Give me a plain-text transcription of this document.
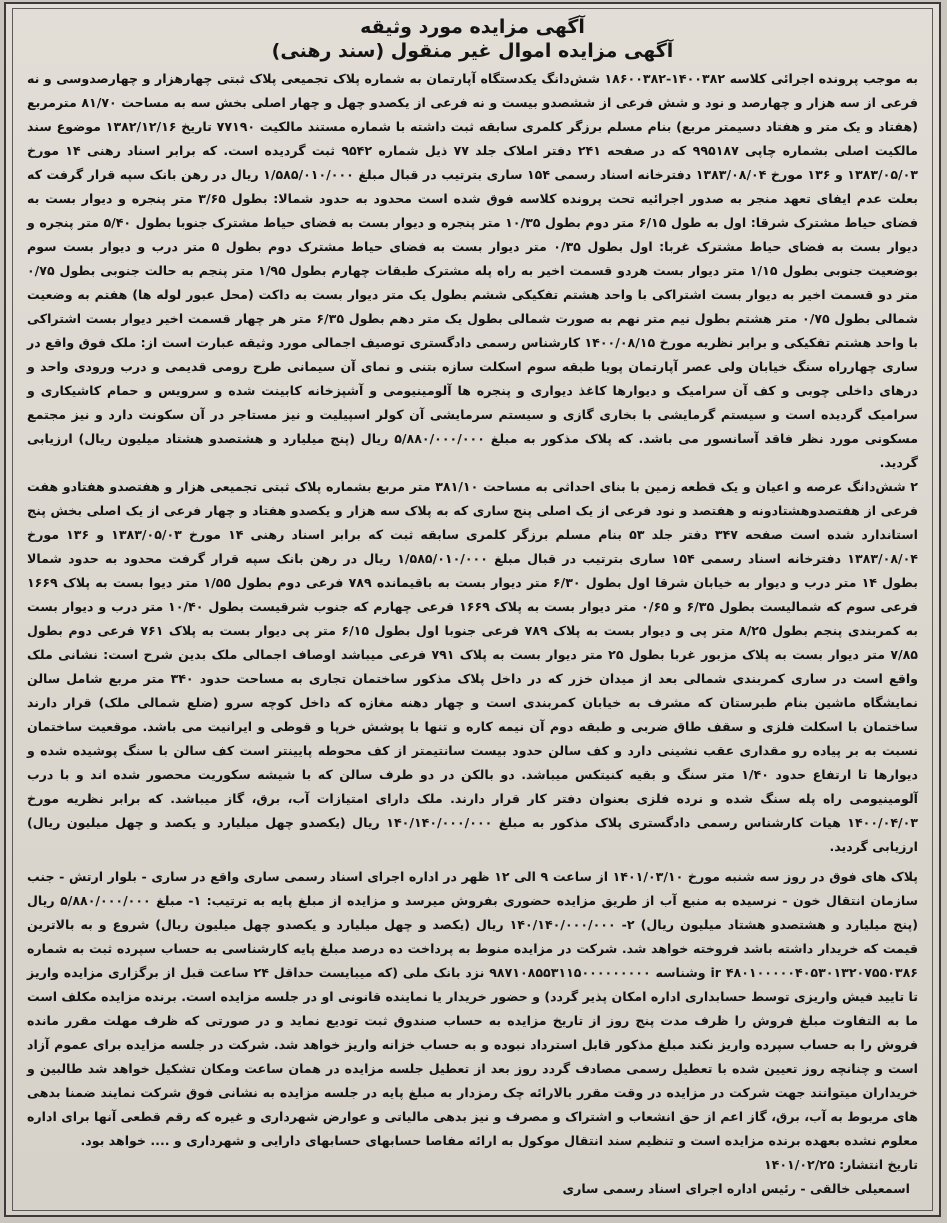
آگهی مزایده مورد وثیقه
آگهی مزایده اموال غیر منقول (سند رهنی)

به موجب پرونده اجرائی کلاسه ۱۴۰۰۳۸۲-۱۸۶۰۰۳۸۲ شش‌دانگ یکدستگاه آپارتمان به شماره پلاک تجمیعی پلاک ثبتی چهارهزار و چهارصدوسی و نه فرعی از سه هزار و چهارصد و نود و شش فرعی از ششصدو بیست و نه فرعی از یکصدو چهل و چهار اصلی بخش سه به مساحت ۸۱/۷۰ مترمربع (هفتاد و یک متر و هفتاد دسیمتر مربع) بنام مسلم برزگر کلمری سابقه ثبت داشته با شماره مستند مالکیت ۷۷۱۹۰ تاریخ ۱۳۸۲/۱۲/۱۶ موضوع سند مالکیت اصلی بشماره چاپی ۹۹۵۱۸۷ که در صفحه ۲۴۱ دفتر املاک جلد ۷۷ ذیل شماره ۹۵۴۲ ثبت گردیده است. که برابر اسناد رهنی ۱۴ مورخ ۱۳۸۳/۰۵/۰۳ و ۱۳۶ مورخ ۱۳۸۳/۰۸/۰۴ دفترخانه اسناد رسمی ۱۵۴ ساری بترتیب در قبال مبلغ ۱/۵۸۵/۰۱۰/۰۰۰ ریال در رهن بانک سپه قرار گرفت که بعلت عدم ایفای تعهد منجر به صدور اجرائیه تحت پرونده کلاسه فوق شده است محدود به حدود شمالا: بطول ۳/۶۵ متر پنجره و دیوار بست به فضای حیاط مشترک شرقا: اول به طول ۶/۱۵ متر دوم بطول ۱۰/۳۵ متر پنجره و دیوار بست به فضای حیاط مشترک جنوبا بطول ۵/۴۰ متر پنجره و دیوار بست به فضای حیاط مشترک غربا: اول بطول ۰/۳۵ متر دیوار بست به فضای حیاط مشترک دوم بطول ۵ متر درب و دیوار بست سوم بوضعیت جنوبی بطول ۱/۱۵ متر دیوار بست هردو قسمت اخیر به راه پله مشترک طبقات چهارم بطول ۱/۹۵ متر پنجم به حالت جنوبی بطول ۰/۷۵ متر دو قسمت اخیر به دیوار بست اشتراکی با واحد هشتم تفکیکی ششم بطول یک متر دیوار بست به داکت (محل عبور لوله ها) هفتم به وضعیت شمالی بطول ۰/۷۵ متر هشتم بطول نیم متر نهم به صورت شمالی بطول یک متر دهم بطول ۶/۳۵ متر هر چهار قسمت اخیر دیوار بست اشتراکی با واحد هشتم تفکیکی و برابر نظریه مورخ ۱۴۰۰/۰۸/۱۵ کارشناس رسمی دادگستری توصیف اجمالی مورد وثیقه عبارت است از: ملک فوق واقع در ساری چهارراه سنگ خیابان ولی عصر آپارتمان پویا طبقه سوم اسکلت سازه بتنی و نمای آن سیمانی طرح رومی قدیمی و درب ورودی واحد و درهای داخلی چوبی و کف آن سرامیک و دیوارها کاغذ دیواری و پنجره ها آلومینیومی و آشپزخانه کابینت شده و سرویس و حمام کاشیکاری و سرامیک گردیده است و سیستم گرمایشی با بخاری گازی و سیستم سرمایشی آن کولر اسپیلیت و نیز مستاجر در آن سکونت دارد و نیز مجتمع مسکونی مورد نظر فاقد آسانسور می باشد. که پلاک مذکور به مبلغ ۵/۸۸۰/۰۰۰/۰۰۰ ریال (پنج میلیارد و هشتصدو هشتاد میلیون ریال) ارزیابی گردید.

۲ شش‌دانگ عرصه و اعیان و یک قطعه زمین با بنای احداثی به مساحت ۳۸۱/۱۰ متر مربع بشماره پلاک ثبتی تجمیعی هزار و هفتصدو هفتادو هفت فرعی از هفتصدوهشتادونه و هفتصد و نود فرعی از یک اصلی پنج ساری که به پلاک سه هزار و یکصدو هفتاد و چهار فرعی از یک اصلی بخش پنج استاندارد شده است صفحه ۳۴۷ دفتر جلد ۵۳ بنام مسلم برزگر کلمری سابقه ثبت که برابر اسناد رهنی ۱۴ مورخ ۱۳۸۳/۰۵/۰۳ و ۱۳۶ مورخ ۱۳۸۳/۰۸/۰۴ دفترخانه اسناد رسمی ۱۵۴ ساری بترتیب در قبال مبلغ ۱/۵۸۵/۰۱۰/۰۰۰ ریال در رهن بانک سپه قرار گرفت محدود به حدود شمالا بطول ۱۴ متر درب و دیوار به خیابان شرقا اول بطول ۶/۳۰ متر دیوار بست به باقیمانده ۷۸۹ فرعی دوم بطول ۱/۵۵ متر دیوا بست به پلاک ۱۶۶۹ فرعی سوم که شمالیست بطول ۶/۳۵ و ۰/۶۵ متر دیوار بست به پلاک ۱۶۶۹ فرعی چهارم که جنوب شرقیست بطول ۱۰/۴۰ متر درب و دیوار بست به کمربندی پنجم بطول ۸/۲۵ متر پی و دیوار بست به پلاک ۷۸۹ فرعی جنوبا اول بطول ۶/۱۵ متر پی دیوار بست به پلاک ۷۶۱ فرعی دوم بطول ۷/۸۵ متر دیوار بست به پلاک مزبور غربا بطول ۲۵ متر دیوار بست به پلاک ۷۹۱ فرعی میباشد اوصاف اجمالی ملک بدین شرح است: نشانی ملک واقع است در ساری کمربندی شمالی بعد از میدان خزر که در داخل پلاک مذکور ساختمان تجاری به مساحت حدود ۳۴۰ متر مربع شامل سالن نمایشگاه ماشین بنام طبرستان که مشرف به خیابان کمربندی است و چهار دهنه مغازه که داخل کوچه سرو (ضلع شمالی ملک) قرار دارند ساختمان با اسکلت فلزی و سقف طاق ضربی و طبقه دوم آن نیمه کاره و تنها با پوشش خرپا و قوطی و ایرانیت می باشد. موقعیت ساختمان نسبت به بر پیاده رو مقداری عقب نشینی دارد و کف سالن حدود بیست سانتیمتر از کف محوطه پایینتر است کف سالن با سنگ پوشیده شده و دیوارها تا ارتفاع حدود ۱/۴۰ متر سنگ و بقیه کنیتکس میباشد. دو بالکن در دو طرف سالن که با شیشه سکوریت محصور شده اند و با درب آلومینیومی راه پله سنگ شده و نرده فلزی بعنوان دفتر کار قرار دارند. ملک دارای امتیازات آب، برق، گاز میباشد. که برابر نظریه مورخ ۱۴۰۰/۰۴/۰۳ هیات کارشناس رسمی دادگستری پلاک مذکور به مبلغ ۱۴۰/۱۴۰/۰۰۰/۰۰۰ ریال (یکصدو چهل میلیارد و یکصد و چهل میلیون ریال) ارزیابی گردید.

پلاک های فوق در روز سه شنبه مورخ ۱۴۰۱/۰۳/۱۰ از ساعت ۹ الی ۱۲ ظهر در اداره اجرای اسناد رسمی ساری واقع در ساری - بلوار ارتش - جنب سازمان انتقال خون - نرسیده به منبع آب از طریق مزایده حضوری بفروش میرسد و مزایده از مبلغ پایه به ترتیب: ۱- مبلغ ۵/۸۸۰/۰۰۰/۰۰۰ ریال (پنج میلیارد و هشتصدو هشتاد میلیون ریال) ۲- ۱۴۰/۱۴۰/۰۰۰/۰۰۰ ریال (یکصد و چهل میلیارد و یکصدو چهل میلیون ریال) شروع و به بالاترین قیمت که خریدار داشته باشد فروخته خواهد شد. شرکت در مزایده منوط به پرداخت ده درصد مبلغ پایه کارشناسی به حساب سپرده ثبت به شماره ir ۴۸۰۱۰۰۰۰۰۴۰۵۳۰۱۳۲۰۷۵۵۰۳۸۶ وشناسه ۹۸۷۱۰۸۵۵۳۱۱۵۰۰۰۰۰۰۰۰۰ نزد بانک ملی (که میبایست حداقل ۲۴ ساعت قبل از برگزاری مزایده واریز تا تایید فیش واریزی توسط حسابداری اداره امکان پذیر گردد) و حضور خریدار یا نماینده قانونی او در جلسه مزایده است. برنده مزایده مکلف است ما به التفاوت مبلغ فروش را ظرف مدت پنج روز از تاریخ مزایده به حساب صندوق ثبت تودیع نماید و در صورتی که ظرف مهلت مقرر مانده فروش را به حساب سپرده واریز نکند مبلغ مذکور قابل استرداد نبوده و به حساب خزانه واریز خواهد شد. شرکت در جلسه مزایده برای عموم آزاد است و چنانچه روز تعیین شده با تعطیل رسمی مصادف گردد روز بعد از تعطیل جلسه مزایده در همان ساعت ومکان تشکیل خواهد شد طالبین و خریداران میتوانند جهت شرکت در مزایده در وقت مقرر بالارائه چک رمزدار به مبلغ پایه در جلسه مزایده به نشانی فوق شرکت نمایند ضمنا بدهی های مربوط به آب، برق، گاز اعم از حق انشعاب و اشتراک و مصرف و نیز بدهی مالیاتی و عوارض شهرداری و غیره که رقم قطعی آنها برای اداره معلوم نشده بعهده برنده مزایده است و تنظیم سند انتقال موکول به ارائه مفاصا حسابهای حسابهای دارایی و شهرداری و .... خواهد بود.

تاریخ انتشار: ۱۴۰۱/۰۲/۲۵

اسمعیلی خالقی - رئیس اداره اجرای اسناد رسمی ساری
